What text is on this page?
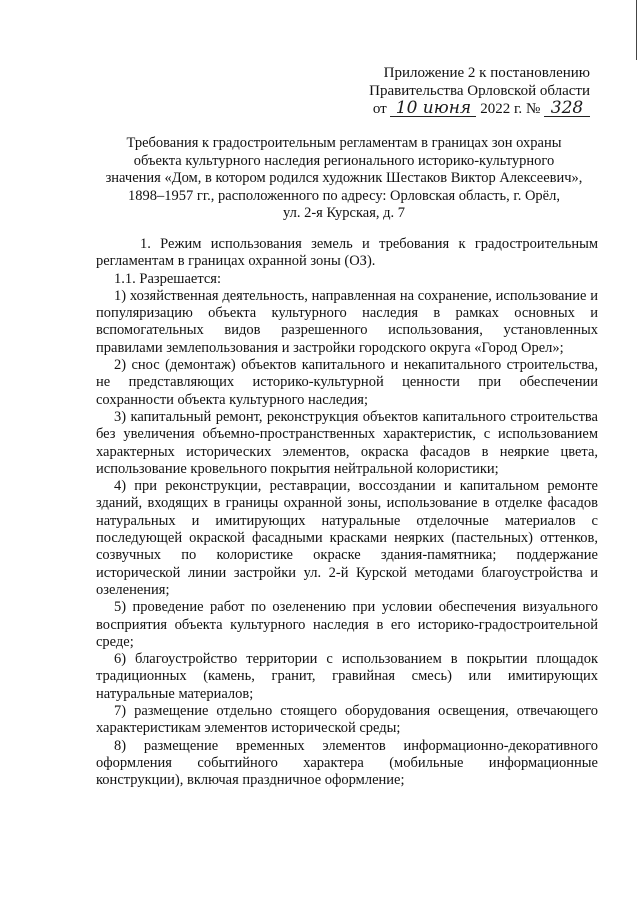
Приложение 2 к постановлению
Правительства Орловской области
от 10 июня 2022 г. № 328
Требования к градостроительным регламентам в границах зон охраны
объекта культурного наследия регионального историко-культурного
значения «Дом, в котором родился художник Шестаков Виктор Алексеевич»,
1898–1957 гг., расположенного по адресу: Орловская область, г. Орёл,
ул. 2-я Курская, д. 7

1. Режим использования земель и требования к градостроительным регламентам в границах охранной зоны (ОЗ).

1.1. Разрешается:

1) хозяйственная деятельность, направленная на сохранение, использование и популяризацию объекта культурного наследия в рамках основных и вспомогательных видов разрешенного использования, установленных правилами землепользования и застройки городского округа «Город Орел»;

2) снос (демонтаж) объектов капитального и некапитального строительства, не представляющих историко-культурной ценности при обеспечении сохранности объекта культурного наследия;

3) капитальный ремонт, реконструкция объектов капитального строительства без увеличения объемно-пространственных характеристик, с использованием характерных исторических элементов, окраска фасадов в неяркие цвета, использование кровельного покрытия нейтральной колористики;

4) при реконструкции, реставрации, воссоздании и капитальном ремонте зданий, входящих в границы охранной зоны, использование в отделке фасадов натуральных и имитирующих натуральные отделочные материалов с последующей окраской фасадными красками неярких (пастельных) оттенков, созвучных по колористике окраске здания-памятника; поддержание исторической линии застройки ул. 2-й Курской методами благоустройства и озеленения;

5) проведение работ по озеленению при условии обеспечения визуального восприятия объекта культурного наследия в его историко-градостроительной среде;

6) благоустройство территории с использованием в покрытии площадок традиционных (камень, гранит, гравийная смесь) или имитирующих натуральные материалов;

7) размещение отдельно стоящего оборудования освещения, отвечающего характеристикам элементов исторической среды;

8) размещение временных элементов информационно-декоративного оформления событийного характера (мобильные информационные конструкции), включая праздничное оформление;
